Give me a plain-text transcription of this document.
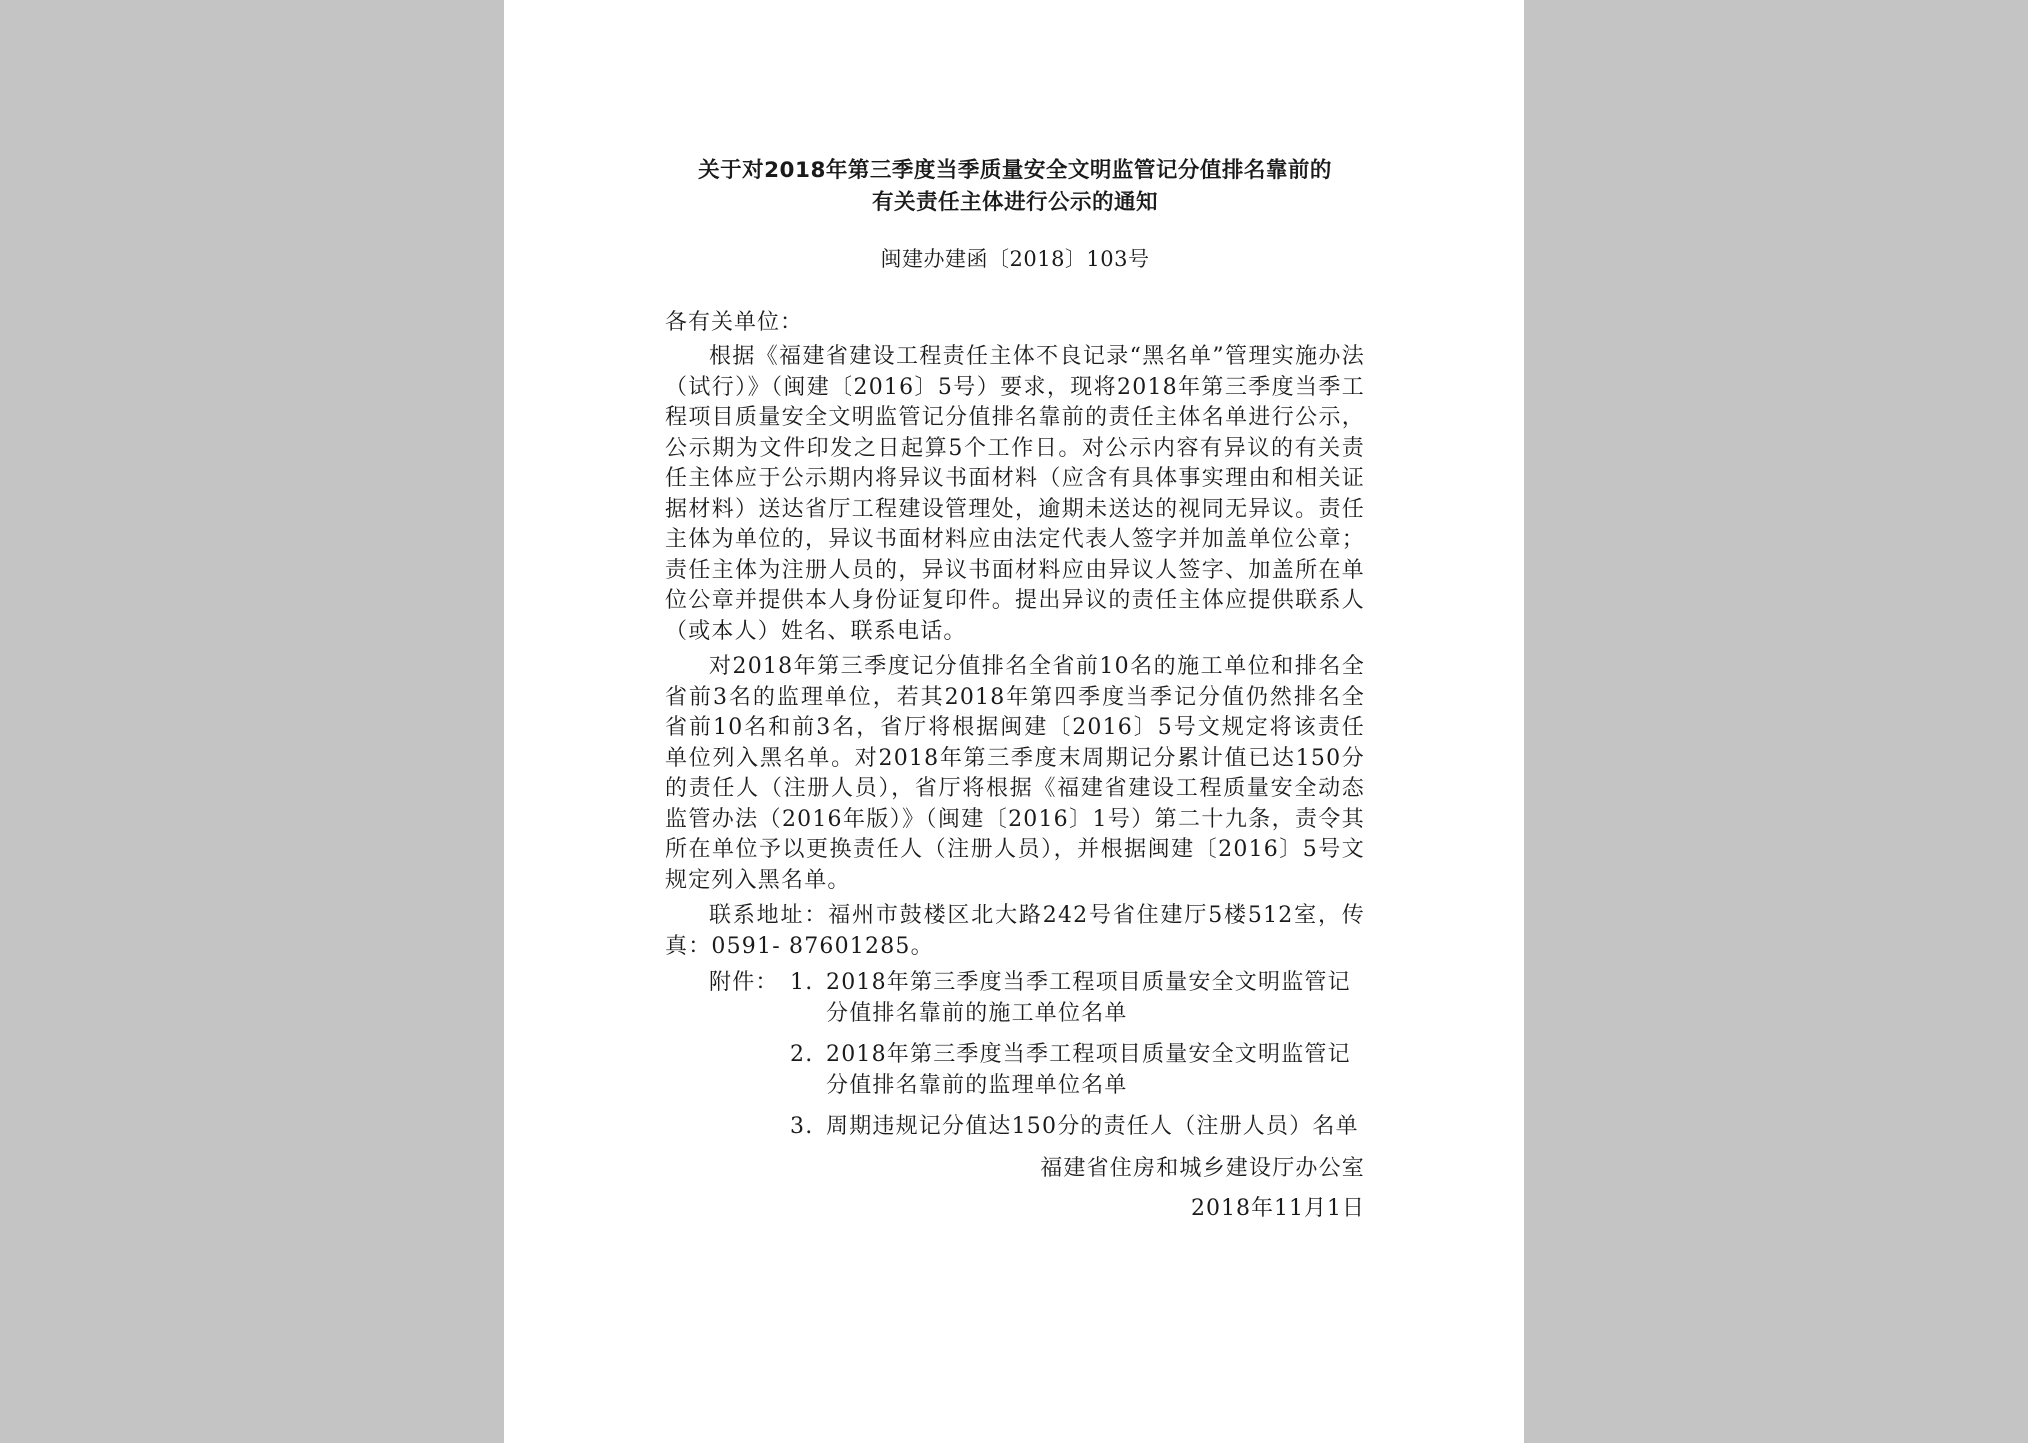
关于对2018年第三季度当季质量安全文明监管记分值排名靠前的
有关责任主体进行公示的通知
闽建办建函〔2018〕103号
各有关单位：

根据《福建省建设工程责任主体不良记录“黑名单”管理实施办法（试行）》（闽建〔2016〕5号）要求，现将2018年第三季度当季工程项目质量安全文明监管记分值排名靠前的责任主体名单进行公示，公示期为文件印发之日起算5个工作日。对公示内容有异议的有关责任主体应于公示期内将异议书面材料（应含有具体事实理由和相关证据材料）送达省厅工程建设管理处，逾期未送达的视同无异议。责任主体为单位的，异议书面材料应由法定代表人签字并加盖单位公章；责任主体为注册人员的，异议书面材料应由异议人签字、加盖所在单位公章并提供本人身份证复印件。提出异议的责任主体应提供联系人（或本人）姓名、联系电话。

对2018年第三季度记分值排名全省前10名的施工单位和排名全省前3名的监理单位，若其2018年第四季度当季记分值仍然排名全省前10名和前3名，省厅将根据闽建〔2016〕5号文规定将该责任单位列入黑名单。对2018年第三季度末周期记分累计值已达150分的责任人（注册人员），省厅将根据《福建省建设工程质量安全动态监管办法（2016年版）》（闽建〔2016〕1号）第二十九条，责令其所在单位予以更换责任人（注册人员），并根据闽建〔2016〕5号文规定列入黑名单。

联系地址：福州市鼓楼区北大路242号省住建厅5楼512室，传真：0591- 87601285。

附件： 1. 2018年第三季度当季工程项目质量安全文明监管记分值排名靠前的施工单位名单
2. 2018年第三季度当季工程项目质量安全文明监管记分值排名靠前的监理单位名单
3. 周期违规记分值达150分的责任人（注册人员）名单
福建省住房和城乡建设厅办公室
2018年11月1日
